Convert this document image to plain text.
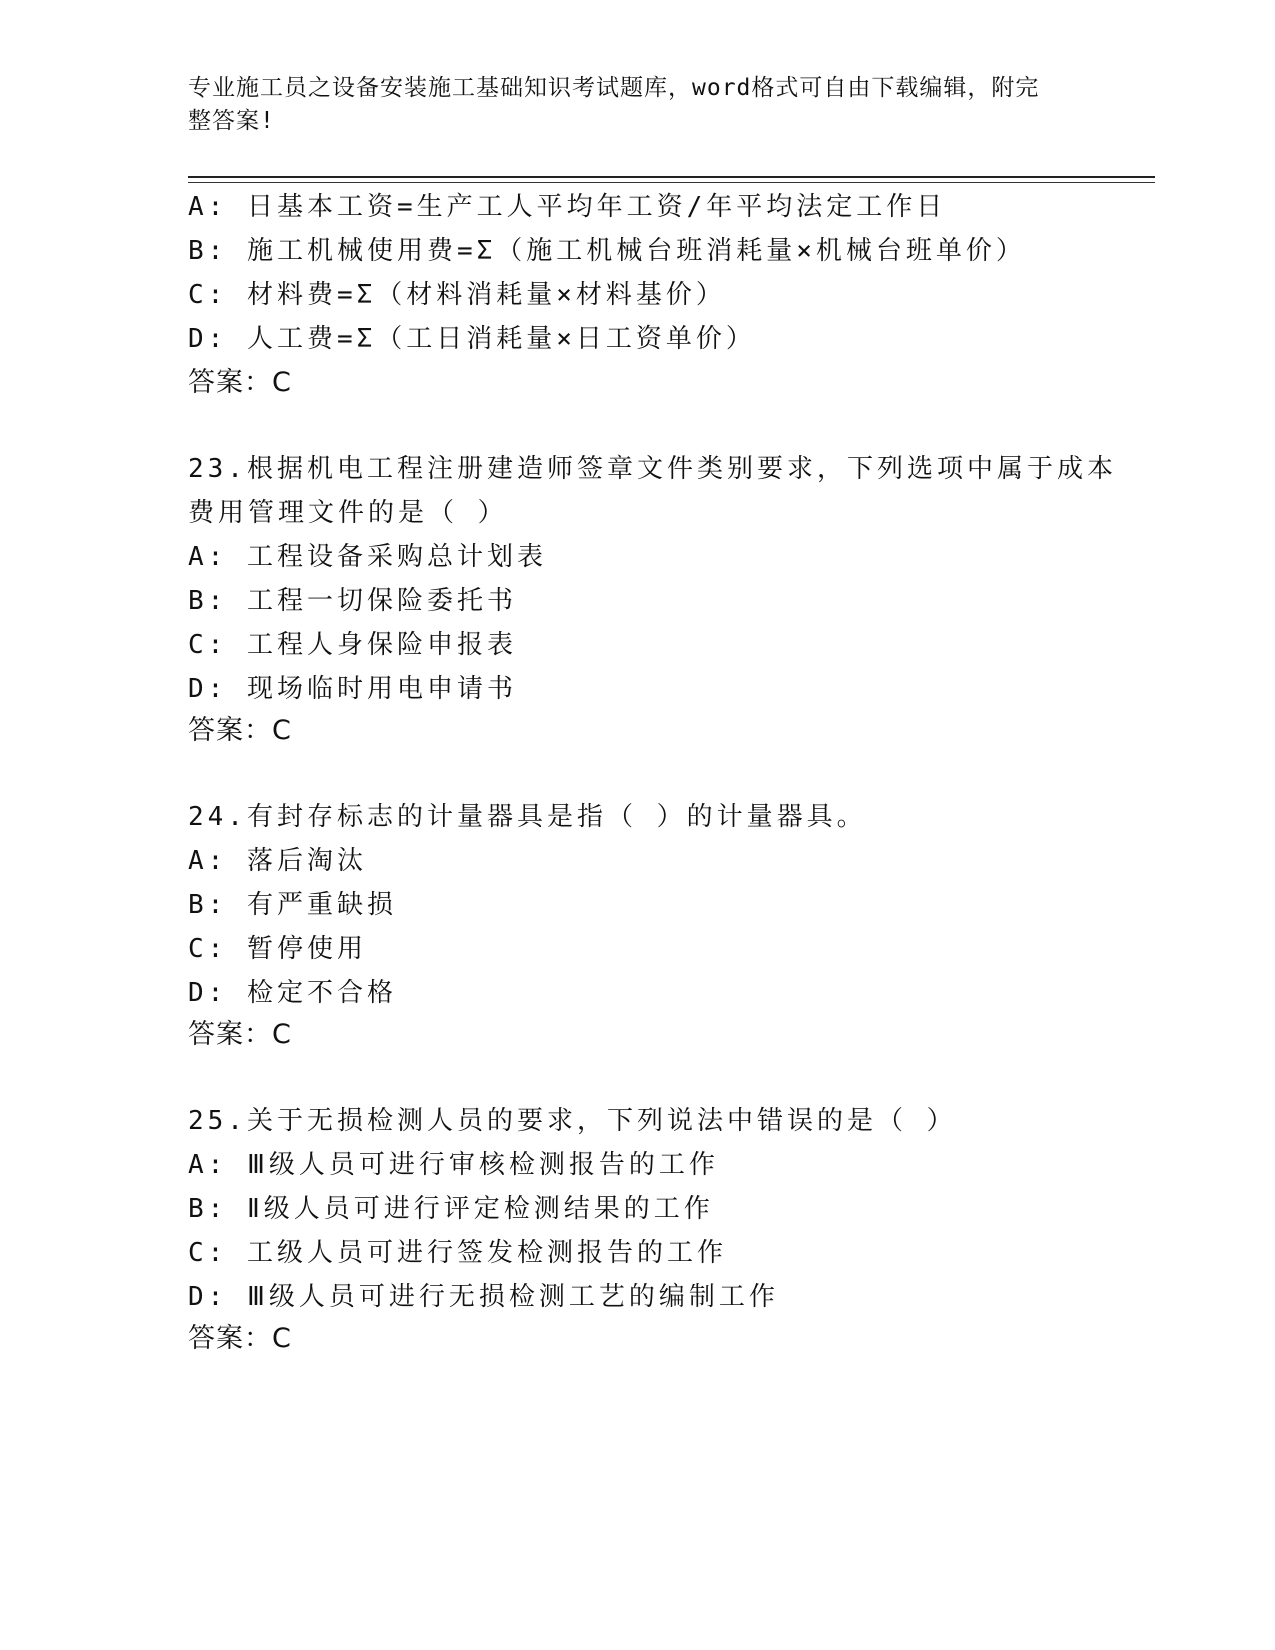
专业施工员之设备安装施工基础知识考试题库，word格式可自由下载编辑，附完
整答案!
A: 日基本工资=生产工人平均年工资/年平均法定工作日
B: 施工机械使用费=Σ（施工机械台班消耗量×机械台班单价）
C: 材料费=Σ（材料消耗量×材料基价）
D: 人工费=Σ（工日消耗量×日工资单价）
答案：C
23.根据机电工程注册建造师签章文件类别要求，下列选项中属于成本
费用管理文件的是（ ）
A: 工程设备采购总计划表
B: 工程一切保险委托书
C: 工程人身保险申报表
D: 现场临时用电申请书
答案：C
24.有封存标志的计量器具是指（ ）的计量器具。
A: 落后淘汰
B: 有严重缺损
C: 暂停使用
D: 检定不合格
答案：C
25.关于无损检测人员的要求，下列说法中错误的是（ ）
A: Ⅲ级人员可进行审核检测报告的工作
B: Ⅱ级人员可进行评定检测结果的工作
C: 工级人员可进行签发检测报告的工作
D: Ⅲ级人员可进行无损检测工艺的编制工作
答案：C
